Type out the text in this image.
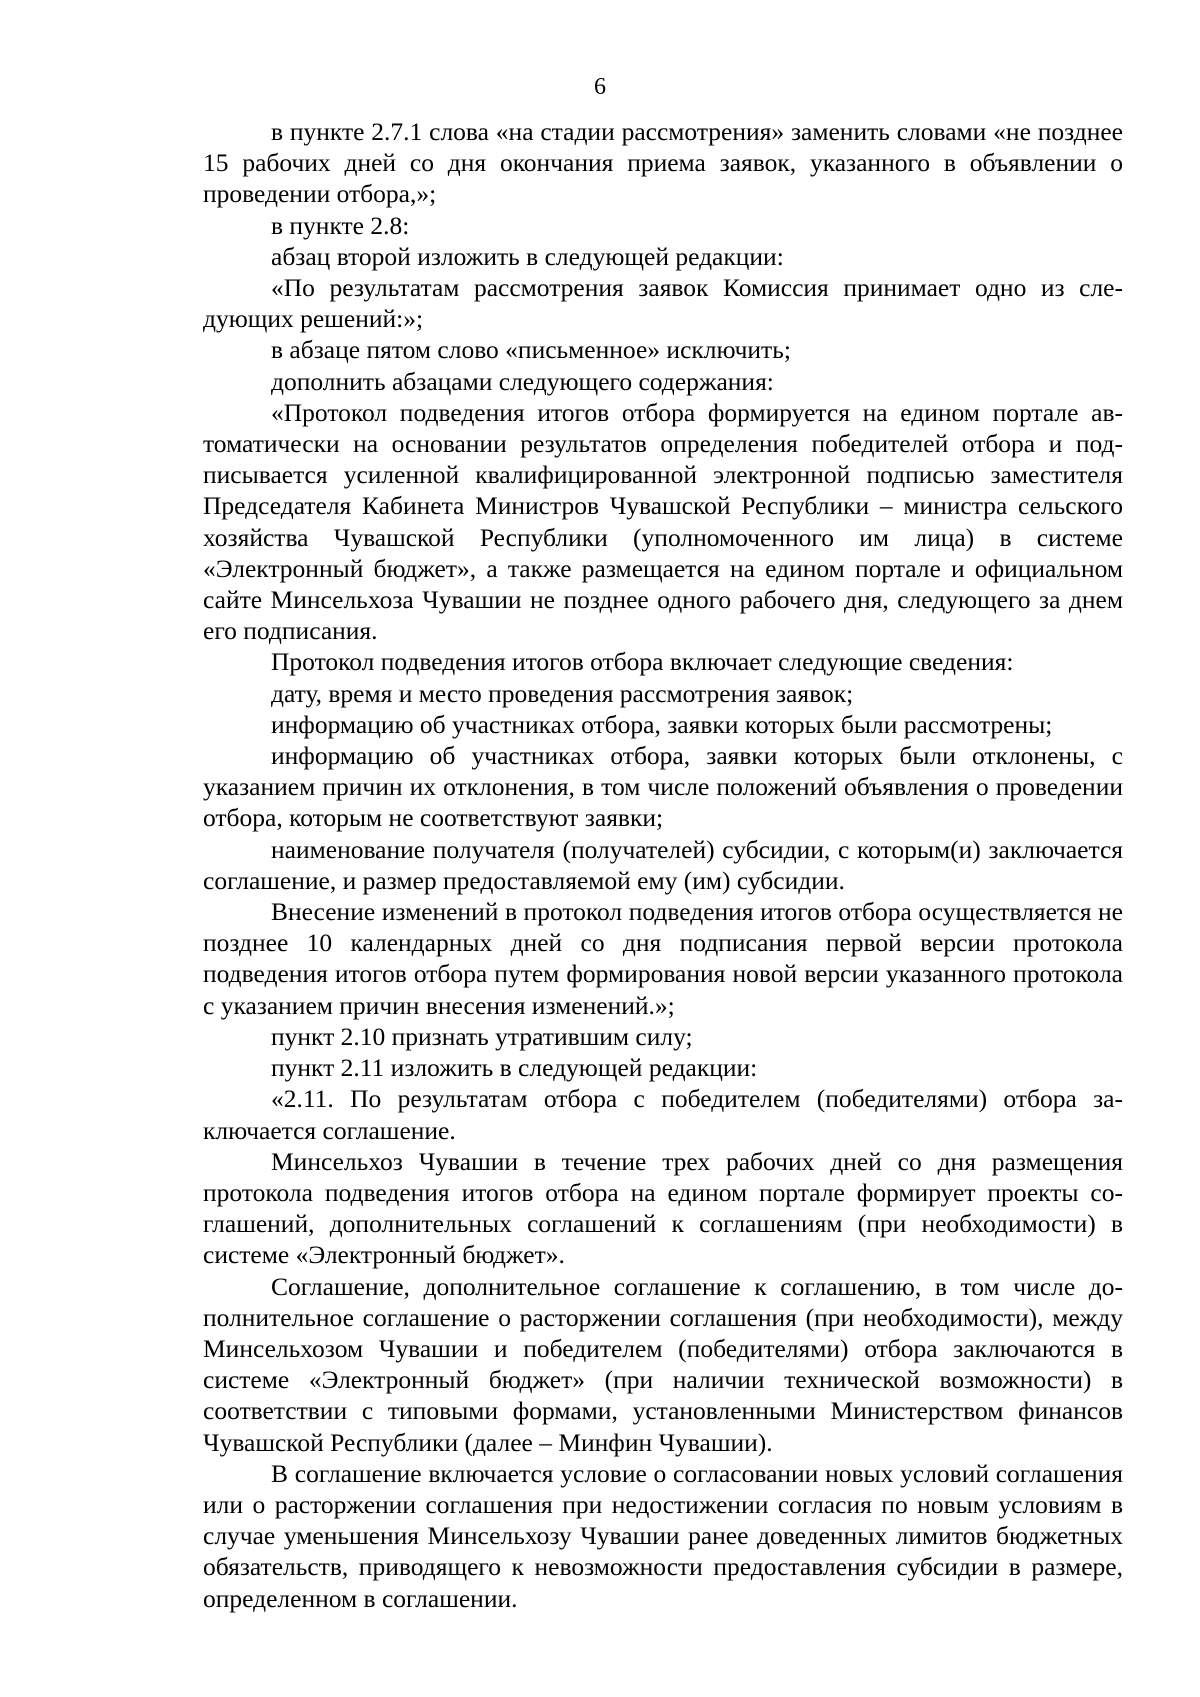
6

в пункте 2.7.1 слова «на стадии рассмотрения» заменить словами «не позднее 15 рабочих дней со дня окончания приема заявок, указанного в объявлении о проведении отбора,»;

в пункте 2.8:

абзац второй изложить в следующей редакции:

«По результатам рассмотрения заявок Комиссия принимает одно из следующих решений:»;

в абзаце пятом слово «письменное» исключить;

дополнить абзацами следующего содержания:

«Протокол подведения итогов отбора формируется на едином портале автоматически на основании результатов определения победителей отбора и подписывается усиленной квалифицированной электронной подписью заместителя Председателя Кабинета Министров Чувашской Республики – министра сельского хозяйства Чувашской Республики (уполномоченного им лица) в системе «Электронный бюджет», а также размещается на едином портале и официальном сайте Минсельхоза Чувашии не позднее одного рабочего дня, следующего за днем его подписания.

Протокол подведения итогов отбора включает следующие сведения:

дату, время и место проведения рассмотрения заявок;

информацию об участниках отбора, заявки которых были рассмотрены;

информацию об участниках отбора, заявки которых были отклонены, с указанием причин их отклонения, в том числе положений объявления о проведении отбора, которым не соответствуют заявки;

наименование получателя (получателей) субсидии, с которым(и) заключается соглашение, и размер предоставляемой ему (им) субсидии.

Внесение изменений в протокол подведения итогов отбора осуществляется не позднее 10 календарных дней со дня подписания первой версии протокола подведения итогов отбора путем формирования новой версии указанного протокола с указанием причин внесения изменений.»;

пункт 2.10 признать утратившим силу;

пункт 2.11 изложить в следующей редакции:

«2.11. По результатам отбора с победителем (победителями) отбора заключается соглашение.

Минсельхоз Чувашии в течение трех рабочих дней со дня размещения протокола подведения итогов отбора на едином портале формирует проекты соглашений, дополнительных соглашений к соглашениям (при необходимости) в системе «Электронный бюджет».

Соглашение, дополнительное соглашение к соглашению, в том числе дополнительное соглашение о расторжении соглашения (при необходимости), между Минсельхозом Чувашии и победителем (победителями) отбора заключаются в системе «Электронный бюджет» (при наличии технической возможности) в соответствии с типовыми формами, установленными Министерством финансов Чувашской Республики (далее – Минфин Чувашии).

В соглашение включается условие о согласовании новых условий соглашения или о расторжении соглашения при недостижении согласия по новым условиям в случае уменьшения Минсельхозу Чувашии ранее доведенных лимитов бюджетных обязательств, приводящего к невозможности предоставления субсидии в размере, определенном в соглашении.
